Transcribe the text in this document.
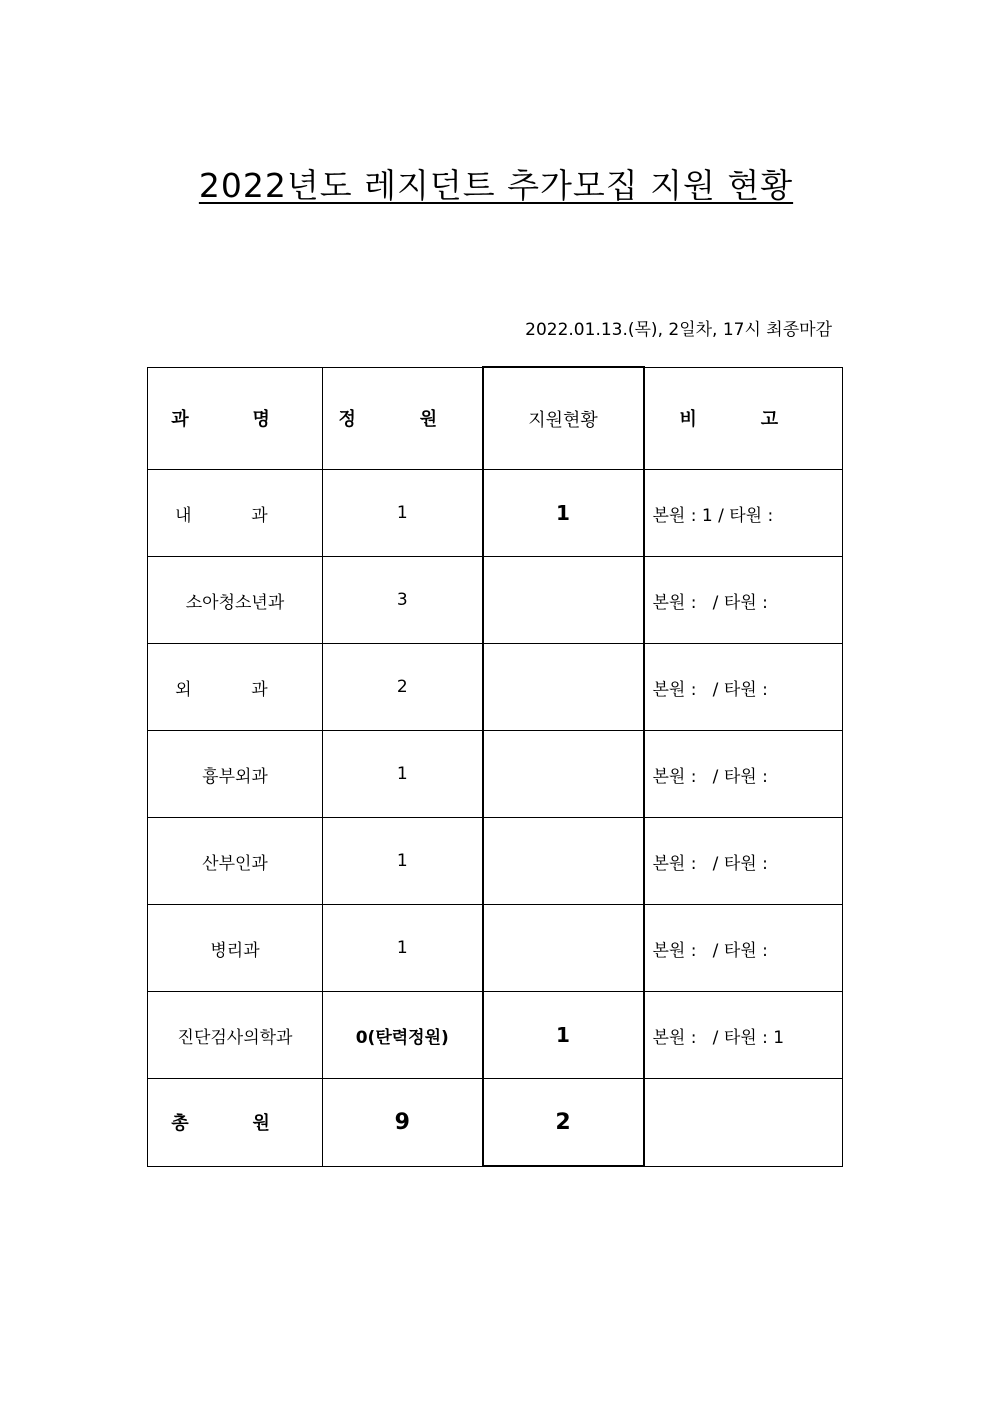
2022년도 레지던트 추가모집 지원 현황
2022.01.13.(목), 2일차, 17시 최종마감
과 명	정 원	지원현황	비 고
내 과	1	1	본원 : 1 / 타원 :
소아청소년과	3		본원 :   / 타원 :
외 과	2		본원 :   / 타원 :
흉부외과	1		본원 :   / 타원 :
산부인과	1		본원 :   / 타원 :
병리과	1		본원 :   / 타원 :
진단검사의학과	0(탄력정원)	1	본원 :   / 타원 : 1
총 원	9	2	
